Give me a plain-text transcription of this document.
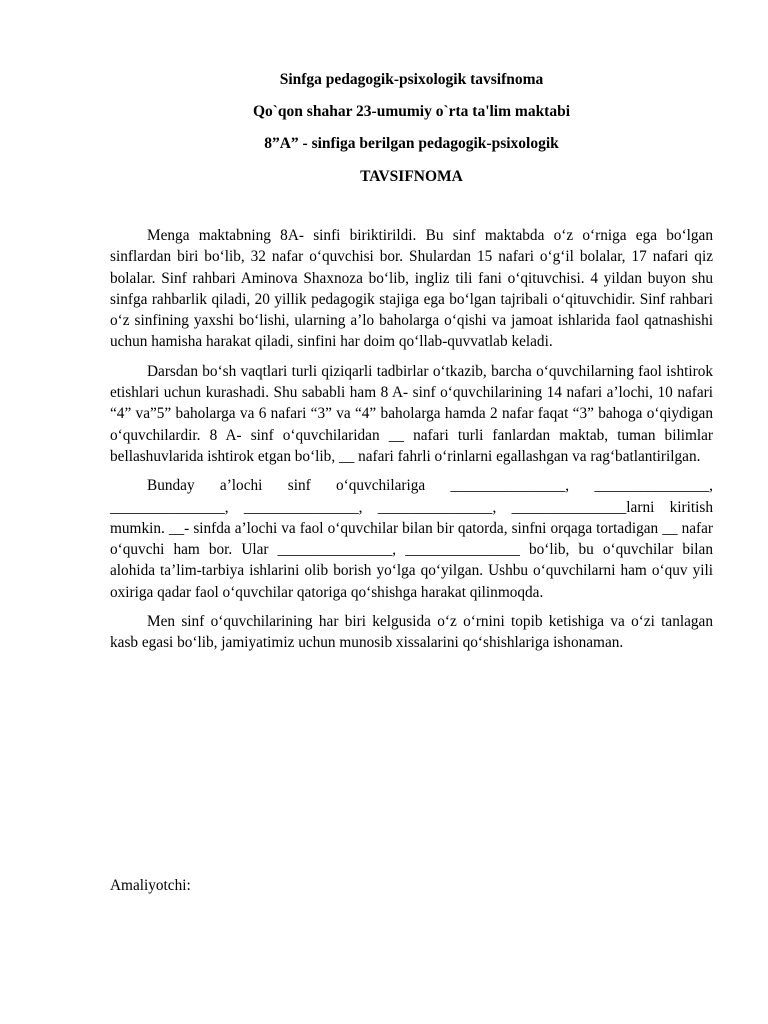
Sinfga pedagogik-psixologik tavsifnoma

Qo`qon shahar 23-umumiy o`rta ta'lim maktabi

8”A” - sinfiga berilgan pedagogik-psixologik

TAVSIFNOMA

Menga maktabning 8A- sinfi biriktirildi. Bu sinf maktabda o‘z o‘rniga ega bo‘lgan sinflardan biri bo‘lib, 32 nafar o‘quvchisi bor. Shulardan 15 nafari o‘g‘il bolalar, 17 nafari qiz bolalar. Sinf rahbari Aminova Shaxnoza bo‘lib, ingliz tili fani o‘qituvchisi. 4 yildan buyon shu sinfga rahbarlik qiladi, 20 yillik pedagogik stajiga ega bo‘lgan tajribali o‘qituvchidir. Sinf rahbari o‘z sinfining yaxshi bo‘lishi, ularning a’lo baholarga o‘qishi va jamoat ishlarida faol qatnashishi uchun hamisha harakat qiladi, sinfini har doim qo‘llab-quvvatlab keladi.

Darsdan bo‘sh vaqtlari turli qiziqarli tadbirlar o‘tkazib, barcha o‘quvchilarning faol ishtirok etishlari uchun kurashadi. Shu sababli ham 8 A- sinf o‘quvchilarining 14 nafari a’lochi, 10 nafari “4” va”5” baholarga va 6 nafari “3” va “4” baholarga hamda 2 nafar faqat “3” bahoga o‘qiydigan o‘quvchilardir. 8 A- sinf o‘quvchilaridan __ nafari turli fanlardan maktab, tuman bilimlar bellashuvlarida ishtirok etgan bo‘lib, __ nafari fahrli o‘rinlarni egallashgan va rag‘batlantirilgan.

Bunday a’lochi sinf o‘quvchilariga _______________, _______________, _______________, _______________, _______________, _______________larni kiritish mumkin. __- sinfda a’lochi va faol o‘quvchilar bilan bir qatorda, sinfni orqaga tortadigan __ nafar o‘quvchi ham bor. Ular _______________, _______________ bo‘lib, bu o‘quvchilar bilan alohida ta’lim-tarbiya ishlarini olib borish yo‘lga qo‘yilgan. Ushbu o‘quvchilarni ham o‘quv yili oxiriga qadar faol o‘quvchilar qatoriga qo‘shishga harakat qilinmoqda.

Men sinf o‘quvchilarining har biri kelgusida o‘z o‘rnini topib ketishiga va o‘zi tanlagan kasb egasi bo‘lib, jamiyatimiz uchun munosib xissalarini qo‘shishlariga ishonaman.

Amaliyotchi:
